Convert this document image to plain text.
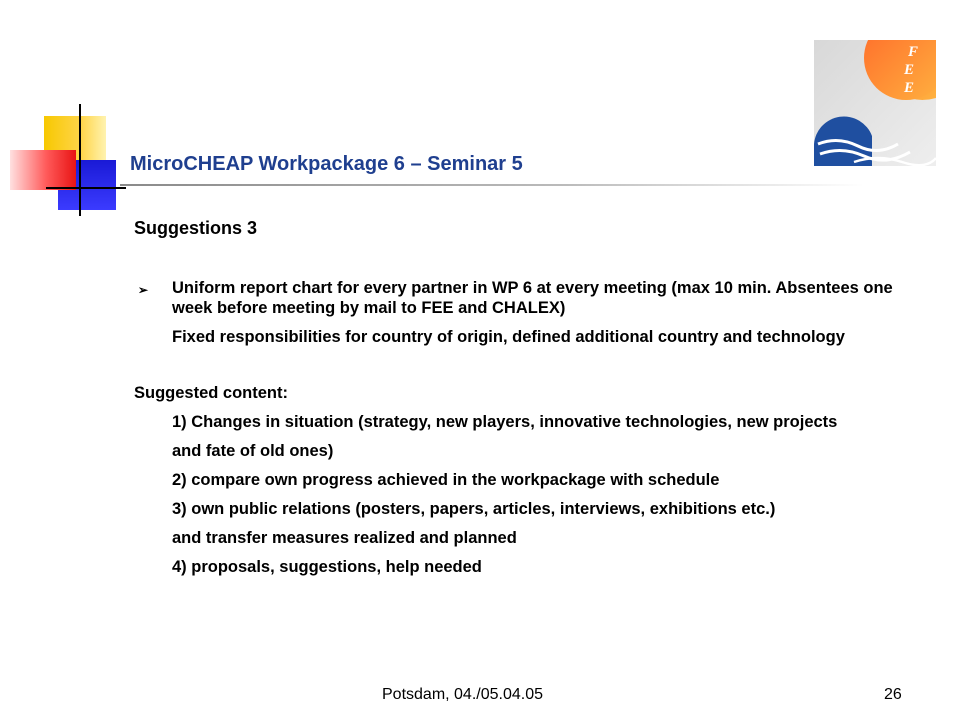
F
E
E
MicroCHEAP Workpackage 6 – Seminar 5
Suggestions 3
➢ Uniform report chart for every partner in WP 6 at every meeting (max 10 min. Absentees one week before meeting by mail to FEE and CHALEX)
Fixed responsibilities for country of origin, defined additional country and technology
Suggested content:
1) Changes in situation (strategy, new players, innovative technologies, new projects
and fate of old ones)
2) compare own progress achieved in the workpackage with schedule
3) own public relations (posters, papers, articles, interviews, exhibitions etc.)
and transfer measures realized and planned
4) proposals, suggestions, help needed
Potsdam, 04./05.04.05	26
